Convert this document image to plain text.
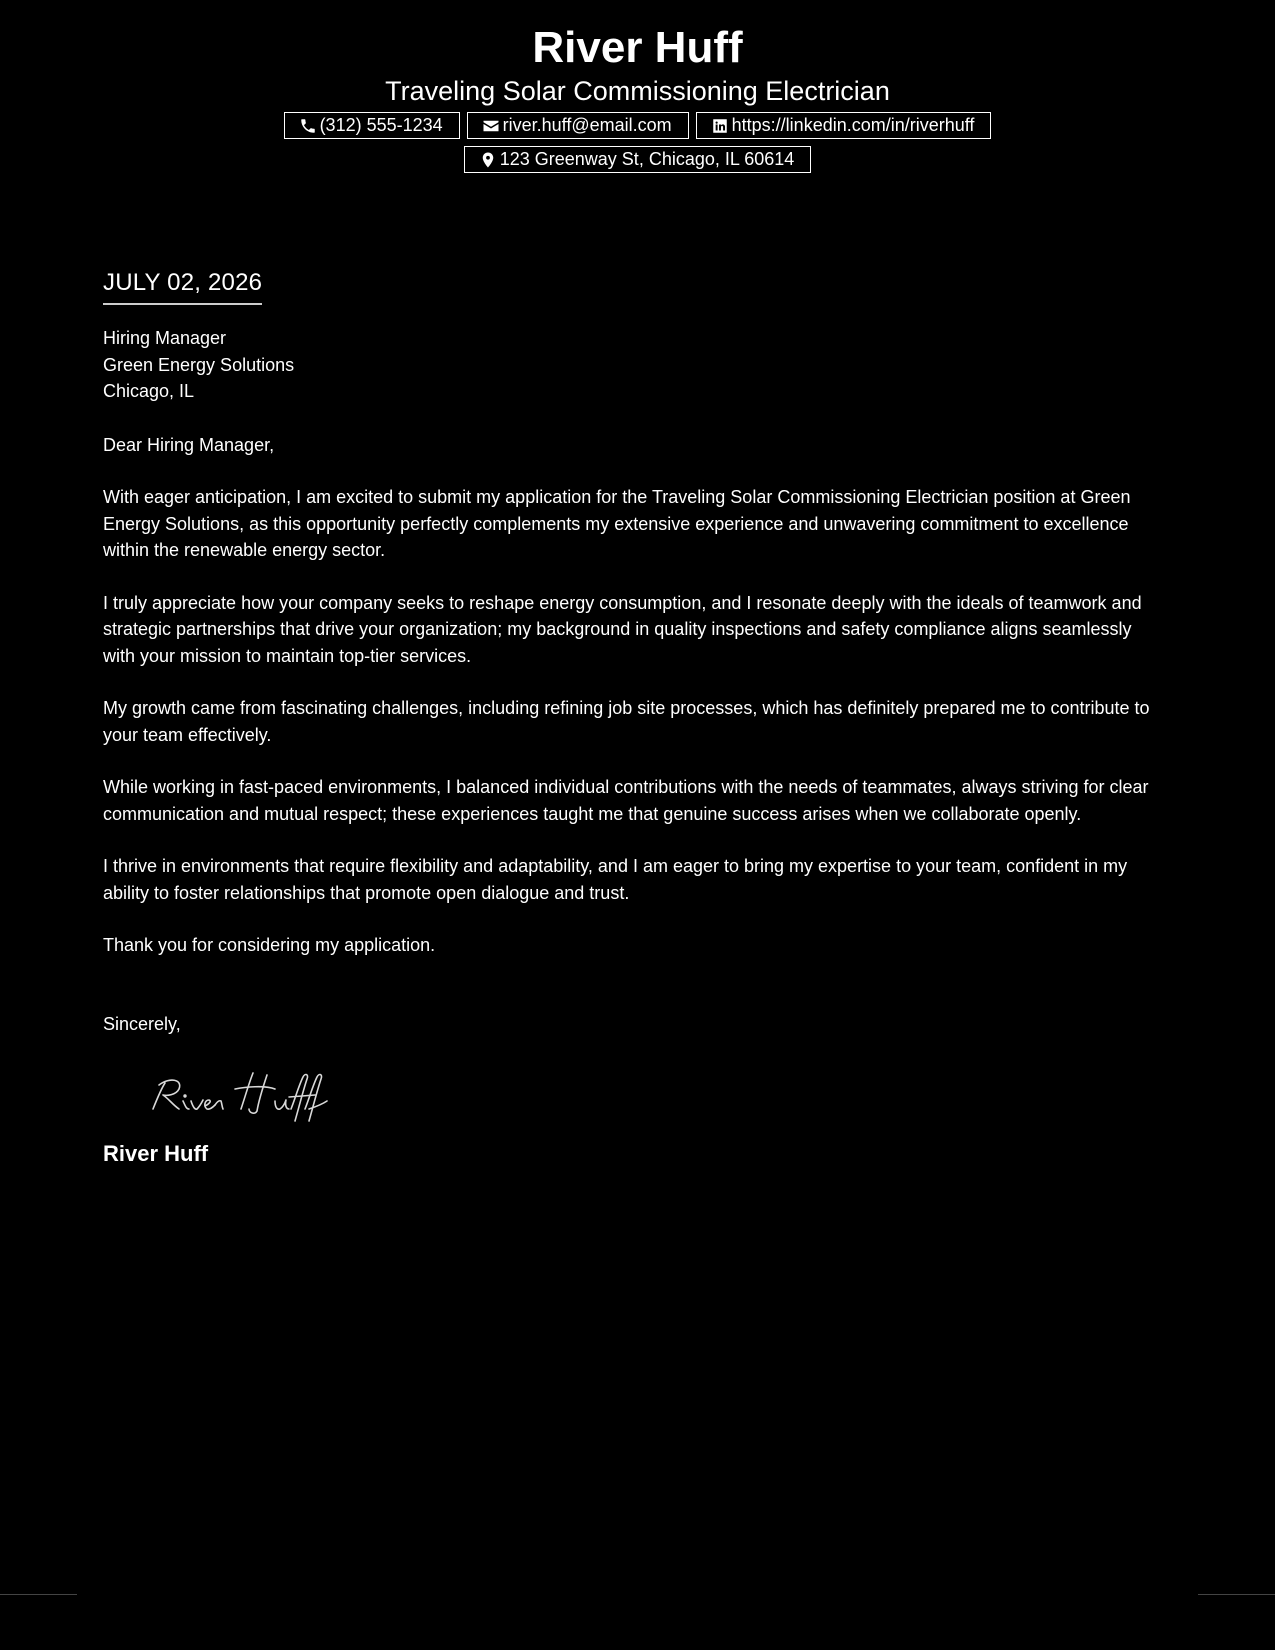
River Huff
Traveling Solar Commissioning Electrician
(312) 555-1234	river.huff@email.com	https://linkedin.com/in/riverhuff
123 Greenway St, Chicago, IL 60614
JULY 02, 2026
Hiring Manager
Green Energy Solutions
Chicago, IL
Dear Hiring Manager,
With eager anticipation, I am excited to submit my application for the Traveling Solar Commissioning Electrician position at Green Energy Solutions, as this opportunity perfectly complements my extensive experience and unwavering commitment to excellence within the renewable energy sector.
I truly appreciate how your company seeks to reshape energy consumption, and I resonate deeply with the ideals of teamwork and strategic partnerships that drive your organization; my background in quality inspections and safety compliance aligns seamlessly with your mission to maintain top-tier services.
My growth came from fascinating challenges, including refining job site processes, which has definitely prepared me to contribute to your team effectively.
While working in fast-paced environments, I balanced individual contributions with the needs of teammates, always striving for clear communication and mutual respect; these experiences taught me that genuine success arises when we collaborate openly.
I thrive in environments that require flexibility and adaptability, and I am eager to bring my expertise to your team, confident in my ability to foster relationships that promote open dialogue and trust.
Thank you for considering my application.
Sincerely,
River Huff
